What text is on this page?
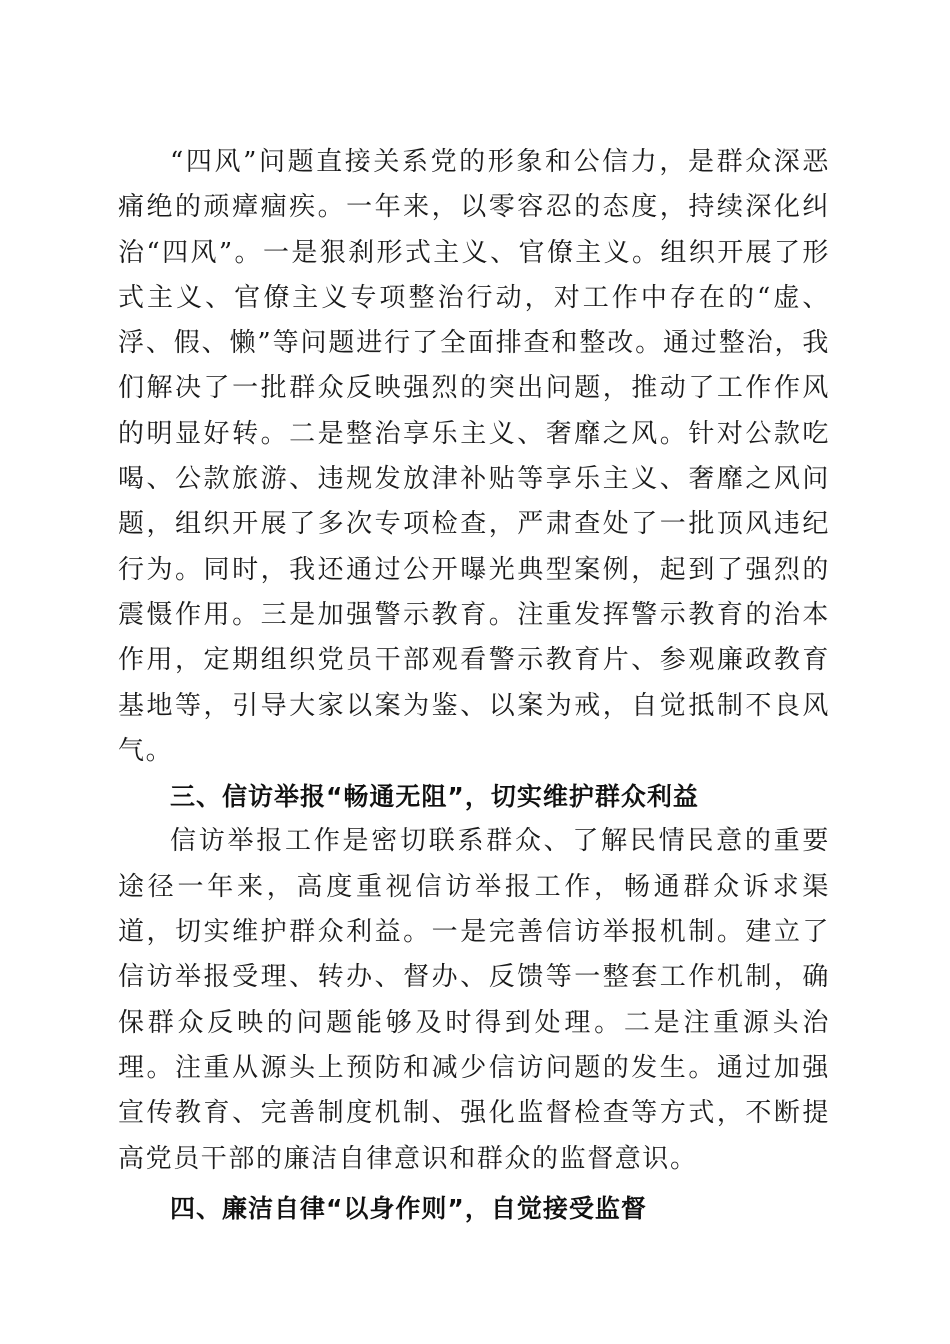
“四风”问题直接关系党的形象和公信力，是群众深恶痛绝的顽瘴痼疾。一年来，以零容忍的态度，持续深化纠治“四风”。一是狠刹形式主义、官僚主义。组织开展了形式主义、官僚主义专项整治行动，对工作中存在的“虚、浮、假、懒”等问题进行了全面排查和整改。通过整治，我们解决了一批群众反映强烈的突出问题，推动了工作作风的明显好转。二是整治享乐主义、奢靡之风。针对公款吃喝、公款旅游、违规发放津补贴等享乐主义、奢靡之风问题，组织开展了多次专项检查，严肃查处了一批顶风违纪行为。同时，我还通过公开曝光典型案例，起到了强烈的震慑作用。三是加强警示教育。注重发挥警示教育的治本作用，定期组织党员干部观看警示教育片、参观廉政教育基地等，引导大家以案为鉴、以案为戒，自觉抵制不良风气。

三、信访举报“畅通无阻”，切实维护群众利益

信访举报工作是密切联系群众、了解民情民意的重要途径一年来，高度重视信访举报工作，畅通群众诉求渠道，切实维护群众利益。一是完善信访举报机制。建立了信访举报受理、转办、督办、反馈等一整套工作机制，确保群众反映的问题能够及时得到处理。二是注重源头治理。注重从源头上预防和减少信访问题的发生。通过加强宣传教育、完善制度机制、强化监督检查等方式，不断提高党员干部的廉洁自律意识和群众的监督意识。

四、廉洁自律“以身作则”，自觉接受监督
